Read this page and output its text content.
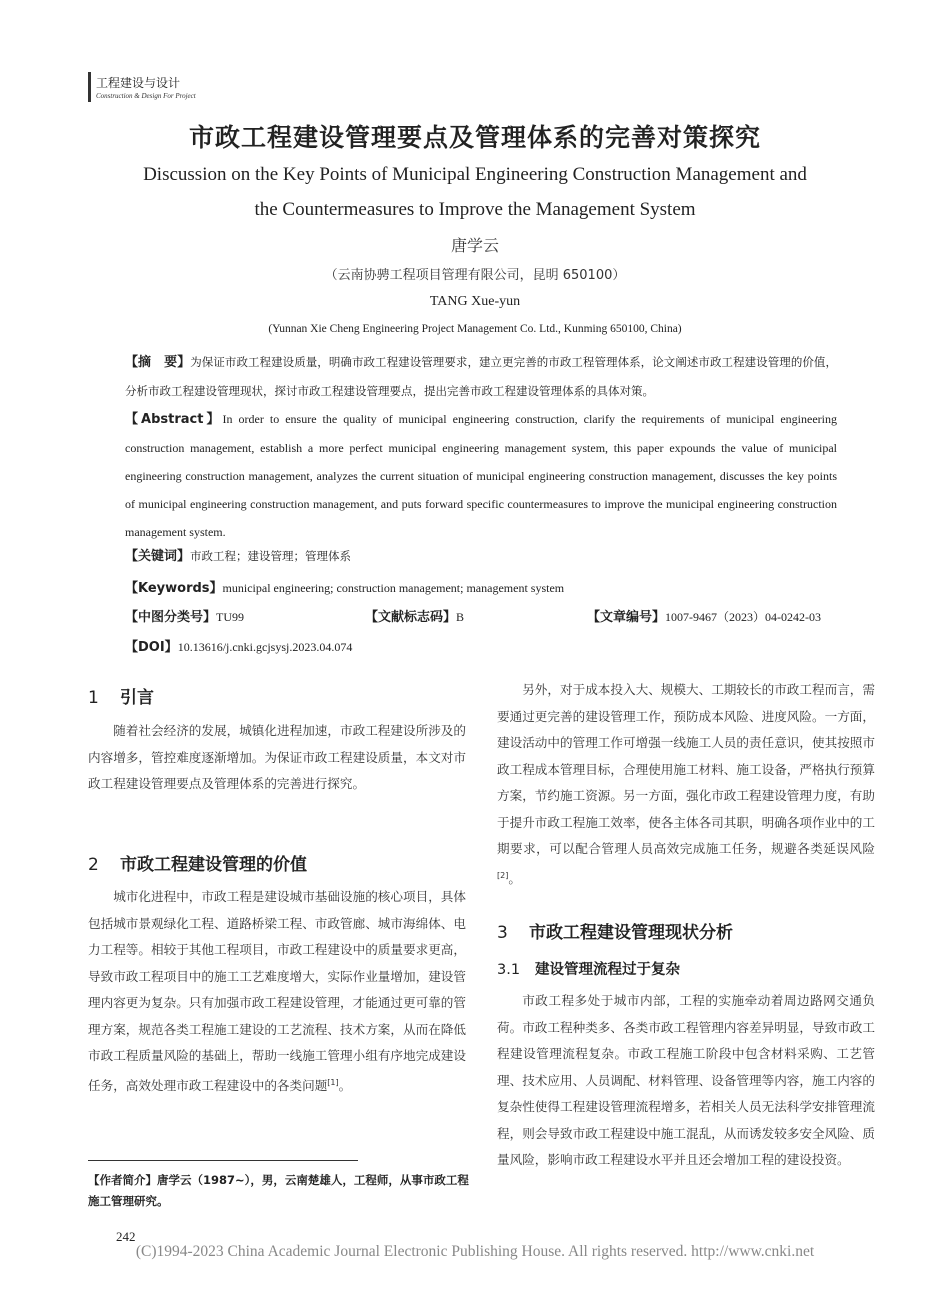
工程建设与设计
Construction & Design For Project
市政工程建设管理要点及管理体系的完善对策探究
Discussion on the Key Points of Municipal Engineering Construction Management and
the Countermeasures to Improve the Management System
唐学云
（云南协骋工程项目管理有限公司，昆明 650100）
TANG Xue-yun
(Yunnan Xie Cheng Engineering Project Management Co. Ltd., Kunming 650100, China)
【摘　要】为保证市政工程建设质量，明确市政工程建设管理要求，建立更完善的市政工程管理体系，论文阐述市政工程建设管理的价值，分析市政工程建设管理现状，探讨市政工程建设管理要点，提出完善市政工程建设管理体系的具体对策。
【Abstract】In order to ensure the quality of municipal engineering construction, clarify the requirements of municipal engineering construction management, establish a more perfect municipal engineering management system, this paper expounds the value of municipal engineering construction management, analyzes the current situation of municipal engineering construction management, discusses the key points of municipal engineering construction management, and puts forward specific countermeasures to improve the municipal engineering construction management system.
【关键词】市政工程；建设管理；管理体系
【Keywords】municipal engineering; construction management; management system
【中图分类号】TU99	【文献标志码】B	【文章编号】1007-9467（2023）04-0242-03
【DOI】10.13616/j.cnki.gcjsysj.2023.04.074
1 引言
随着社会经济的发展，城镇化进程加速，市政工程建设所涉及的内容增多，管控难度逐渐增加。为保证市政工程建设质量，本文对市政工程建设管理要点及管理体系的完善进行探究。
2 市政工程建设管理的价值
城市化进程中，市政工程是建设城市基础设施的核心项目，具体包括城市景观绿化工程、道路桥梁工程、市政管廊、城市海绵体、电力工程等。相较于其他工程项目，市政工程建设中的质量要求更高，导致市政工程项目中的施工工艺难度增大，实际作业量增加，建设管理内容更为复杂。只有加强市政工程建设管理，才能通过更可靠的管理方案，规范各类工程施工建设的工艺流程、技术方案，从而在降低市政工程质量风险的基础上，帮助一线施工管理小组有序地完成建设任务，高效处理市政工程建设中的各类问题[1]。
【作者简介】唐学云（1987~），男，云南楚雄人，工程师，从事市政工程施工管理研究。
另外，对于成本投入大、规模大、工期较长的市政工程而言，需要通过更完善的建设管理工作，预防成本风险、进度风险。一方面，建设活动中的管理工作可增强一线施工人员的责任意识，使其按照市政工程成本管理目标，合理使用施工材料、施工设备，严格执行预算方案，节约施工资源。另一方面，强化市政工程建设管理力度，有助于提升市政工程施工效率，使各主体各司其职，明确各项作业中的工期要求，可以配合管理人员高效完成施工任务，规避各类延误风险[2]。
3 市政工程建设管理现状分析
3.1 建设管理流程过于复杂
市政工程多处于城市内部，工程的实施牵动着周边路网交通负荷。市政工程种类多、各类市政工程管理内容差异明显，导致市政工程建设管理流程复杂。市政工程施工阶段中包含材料采购、工艺管理、技术应用、人员调配、材料管理、设备管理等内容，施工内容的复杂性使得工程建设管理流程增多，若相关人员无法科学安排管理流程，则会导致市政工程建设中施工混乱，从而诱发较多安全风险、质量风险，影响市政工程建设水平并且还会增加工程的建设投资。
242
(C)1994-2023 China Academic Journal Electronic Publishing House. All rights reserved. http://www.cnki.net
